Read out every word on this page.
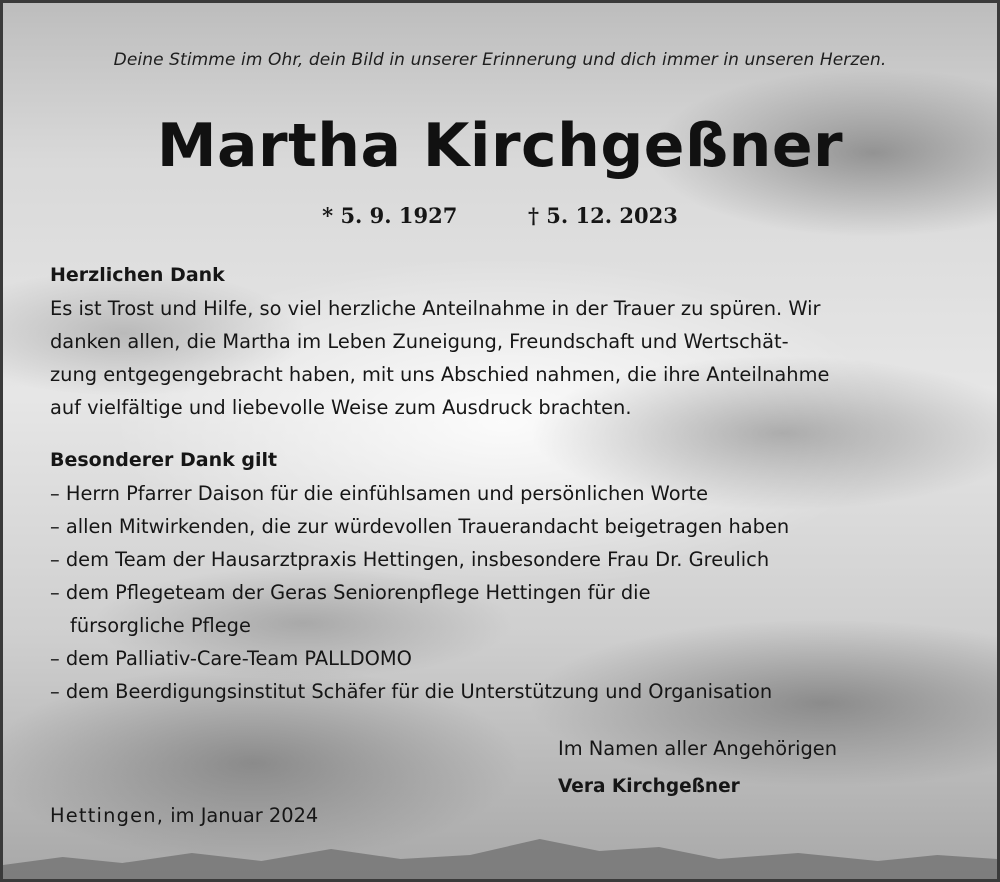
Deine Stimme im Ohr, dein Bild in unserer Erinnerung und dich immer in unseren Herzen.
Martha Kirchgeßner
* 5. 9. 1927	† 5. 12. 2023
Herzlichen Dank

Es ist Trost und Hilfe, so viel herzliche Anteilnahme in der Trauer zu spüren. Wir

danken allen, die Martha im Leben Zuneigung, Freundschaft und Wertschät-

zung entgegengebracht haben, mit uns Abschied nahmen, die ihre Anteilnahme

auf vielfältige und liebevolle Weise zum Ausdruck brachten.

Besonderer Dank gilt
– Herrn Pfarrer Daison für die einfühlsamen und persönlichen Worte
– allen Mitwirkenden, die zur würdevollen Trauerandacht beigetragen haben
– dem Team der Hausarztpraxis Hettingen, insbesondere Frau Dr. Greulich
– dem Pflegeteam der Geras Seniorenpflege Hettingen für die
fürsorgliche Pflege
– dem Palliativ-Care-Team PALLDOMO
– dem Beerdigungsinstitut Schäfer für die Unterstützung und Organisation
Im Namen aller Angehörigen
Vera Kirchgeßner
Hettingen, im Januar 2024
